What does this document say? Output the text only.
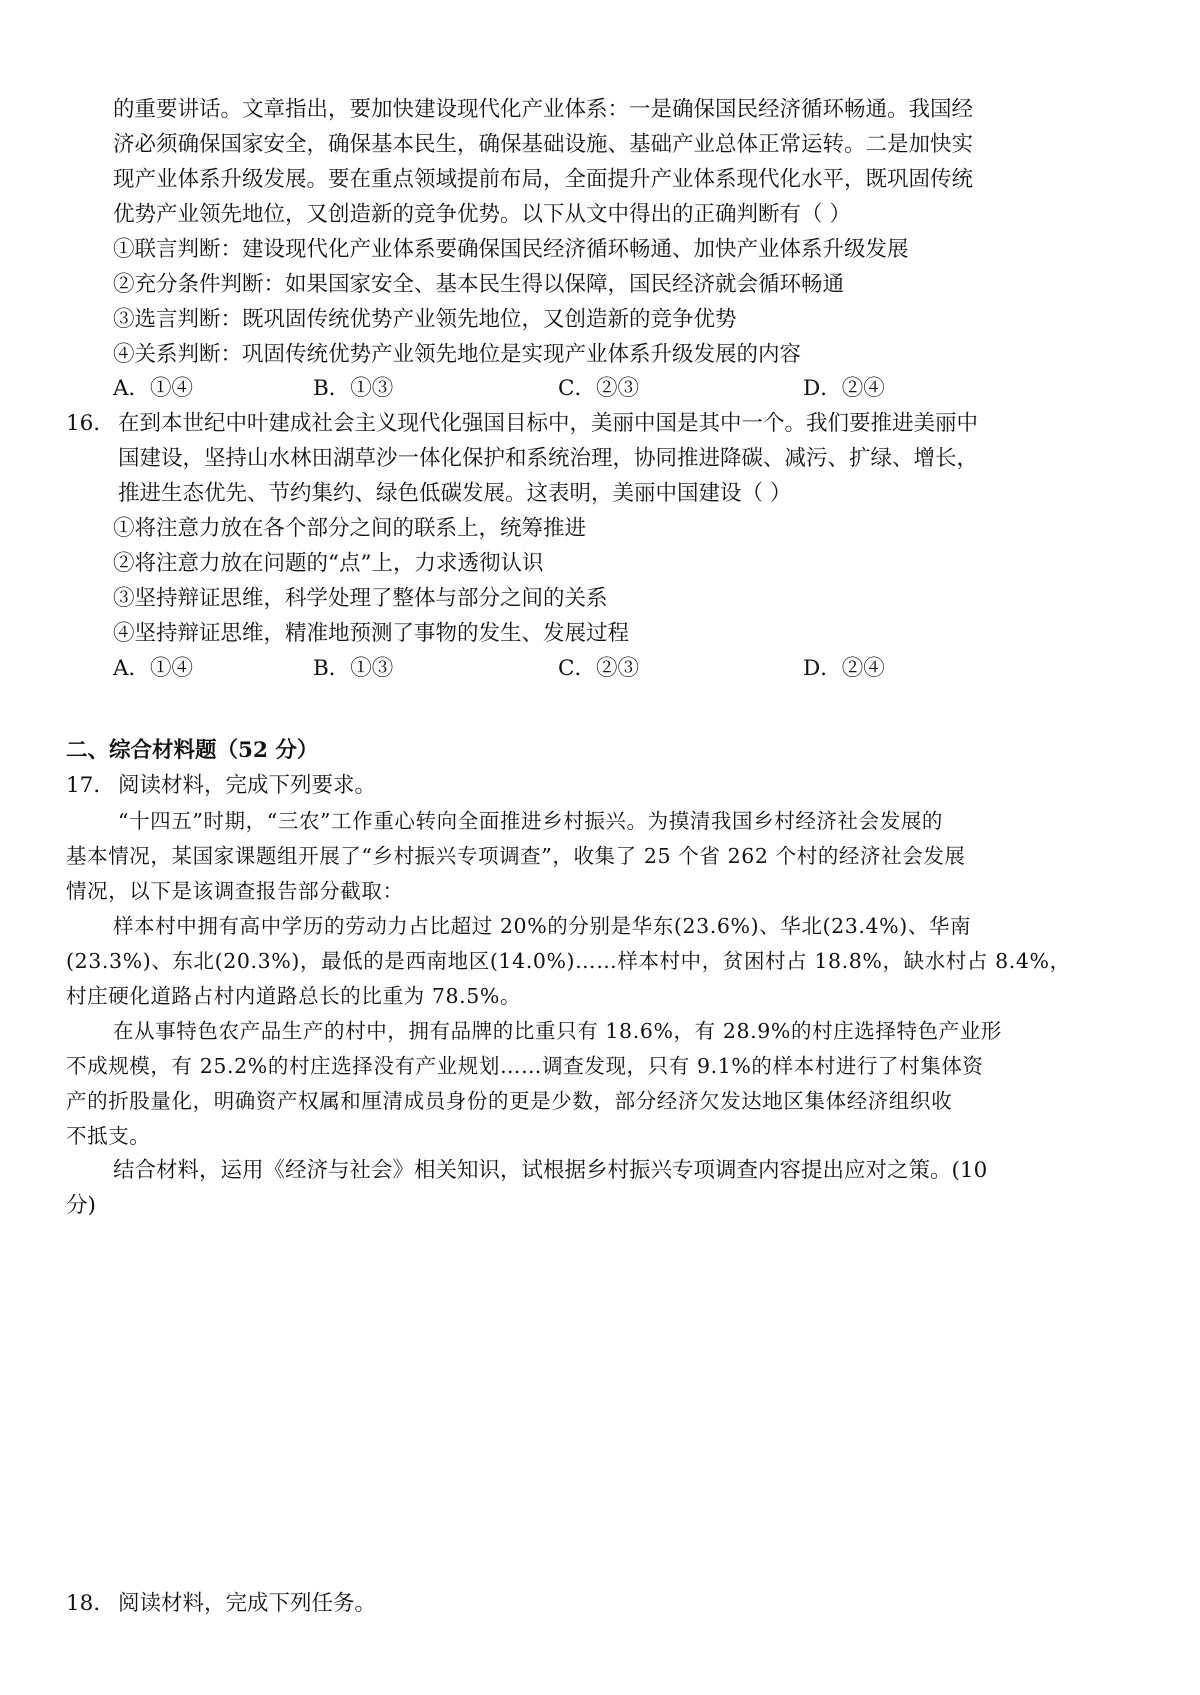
的重要讲话。文章指出，要加快建设现代化产业体系：一是确保国民经济循环畅通。我国经
济必须确保国家安全，确保基本民生，确保基础设施、基础产业总体正常运转。二是加快实
现产业体系升级发展。要在重点领域提前布局，全面提升产业体系现代化水平，既巩固传统
优势产业领先地位，又创造新的竞争优势。以下从文中得出的正确判断有（ ）
①联言判断：建设现代化产业体系要确保国民经济循环畅通、加快产业体系升级发展
②充分条件判断：如果国家安全、基本民生得以保障，国民经济就会循环畅通
③选言判断：既巩固传统优势产业领先地位，又创造新的竞争优势
④关系判断：巩固传统优势产业领先地位是实现产业体系升级发展的内容
A．①④	B．①③	C．②③	D．②④
16． 在到本世纪中叶建成社会主义现代化强国目标中，美丽中国是其中一个。我们要推进美丽中
国建设，坚持山水林田湖草沙一体化保护和系统治理，协同推进降碳、减污、扩绿、增长，
推进生态优先、节约集约、绿色低碳发展。这表明，美丽中国建设（ ）
①将注意力放在各个部分之间的联系上，统筹推进
②将注意力放在问题的“点”上，力求透彻认识
③坚持辩证思维，科学处理了整体与部分之间的关系
④坚持辩证思维，精准地预测了事物的发生、发展过程
A．①④	B．①③	C．②③	D．②④
二、综合材料题（52 分）
17． 阅读材料，完成下列要求。
“十四五”时期，“三农”工作重心转向全面推进乡村振兴。为摸清我国乡村经济社会发展的
基本情况，某国家课题组开展了“乡村振兴专项调查”，收集了 25 个省 262 个村的经济社会发展
情况，以下是该调查报告部分截取：
样本村中拥有高中学历的劳动力占比超过 20%的分别是华东(23.6%)、华北(23.4%)、华南
(23.3%)、东北(20.3%)，最低的是西南地区(14.0%)……样本村中，贫困村占 18.8%，缺水村占 8.4%，
村庄硬化道路占村内道路总长的比重为 78.5%。
在从事特色农产品生产的村中，拥有品牌的比重只有 18.6%，有 28.9%的村庄选择特色产业形
不成规模，有 25.2%的村庄选择没有产业规划……调查发现，只有 9.1%的样本村进行了村集体资
产的折股量化，明确资产权属和厘清成员身份的更是少数，部分经济欠发达地区集体经济组织收
不抵支。
结合材料，运用《经济与社会》相关知识，试根据乡村振兴专项调查内容提出应对之策。(10
分)
18． 阅读材料，完成下列任务。
